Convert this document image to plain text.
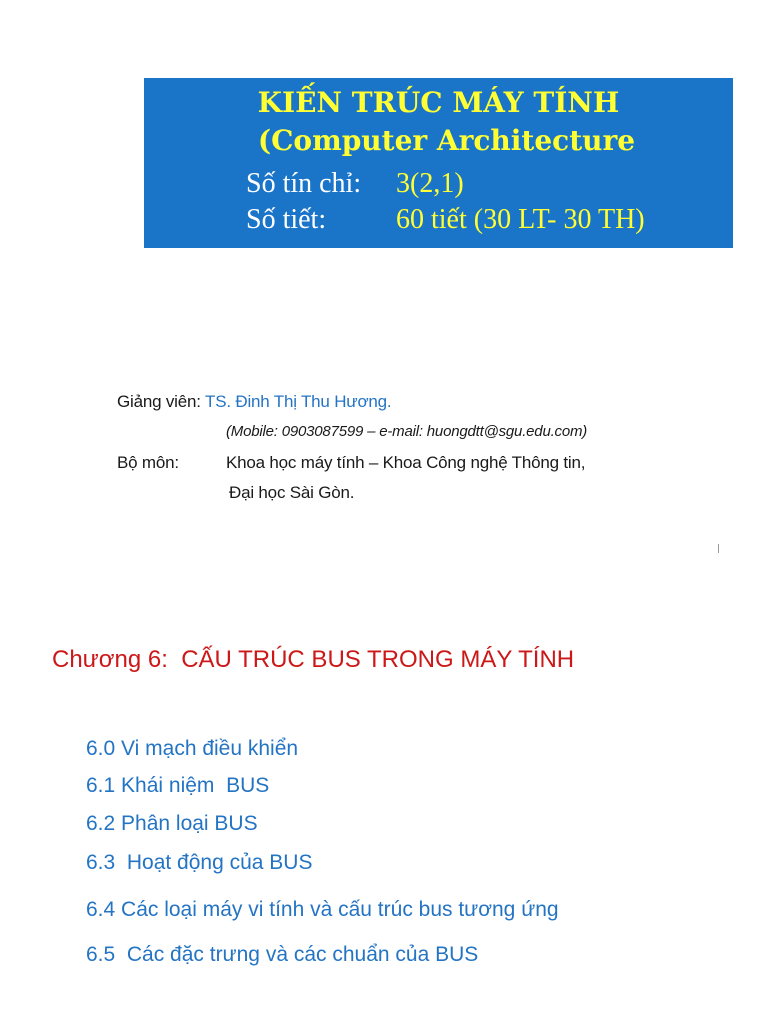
KIẾN TRÚC MÁY TÍNH
(Computer Architecture
Số tín chỉ: 3(2,1)
Số tiết: 60 tiết (30 LT- 30 TH)
Giảng viên: TS. Đinh Thị Thu Hương.
(Mobile: 0903087599 – e-mail: huongdtt@sgu.edu.com)
Bộ môn:	Khoa học máy tính – Khoa Công nghệ Thông tin,
Đại học Sài Gòn.
Chương 6:  CẤU TRÚC BUS TRONG MÁY TÍNH
6.0 Vi mạch điều khiển
6.1 Khái niệm  BUS
6.2 Phân loại BUS
6.3  Hoạt động của BUS
6.4 Các loại máy vi tính và cấu trúc bus tương ứng
6.5  Các đặc trưng và các chuẩn của BUS
